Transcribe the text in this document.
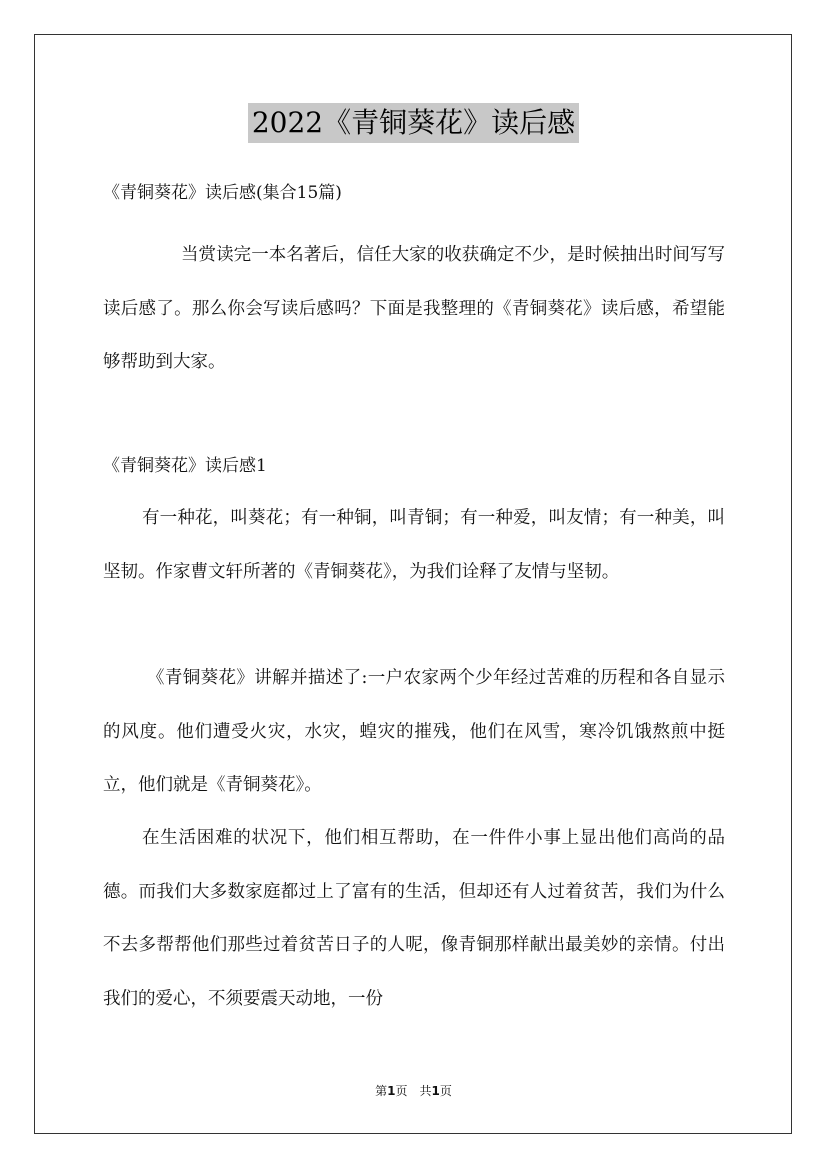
2022《青铜葵花》读后感
《青铜葵花》读后感(集合15篇)

当赏读完一本名著后，信任大家的收获确定不少，是时候抽出时间写写读后感了。那么你会写读后感吗？下面是我整理的《青铜葵花》读后感，希望能够帮助到大家。

《青铜葵花》读后感1

有一种花，叫葵花；有一种铜，叫青铜；有一种爱，叫友情；有一种美，叫坚韧。作家曹文轩所著的《青铜葵花》，为我们诠释了友情与坚韧。

《青铜葵花》讲解并描述了:一户农家两个少年经过苦难的历程和各自显示的风度。他们遭受火灾，水灾，蝗灾的摧残，他们在风雪，寒冷饥饿熬煎中挺立，他们就是《青铜葵花》。

在生活困难的状况下，他们相互帮助，在一件件小事上显出他们高尚的品德。而我们大多数家庭都过上了富有的生活，但却还有人过着贫苦，我们为什么不去多帮帮他们那些过着贫苦日子的人呢，像青铜那样献出最美妙的亲情。付出我们的爱心，不须要震天动地，一份

第1页　共1页
